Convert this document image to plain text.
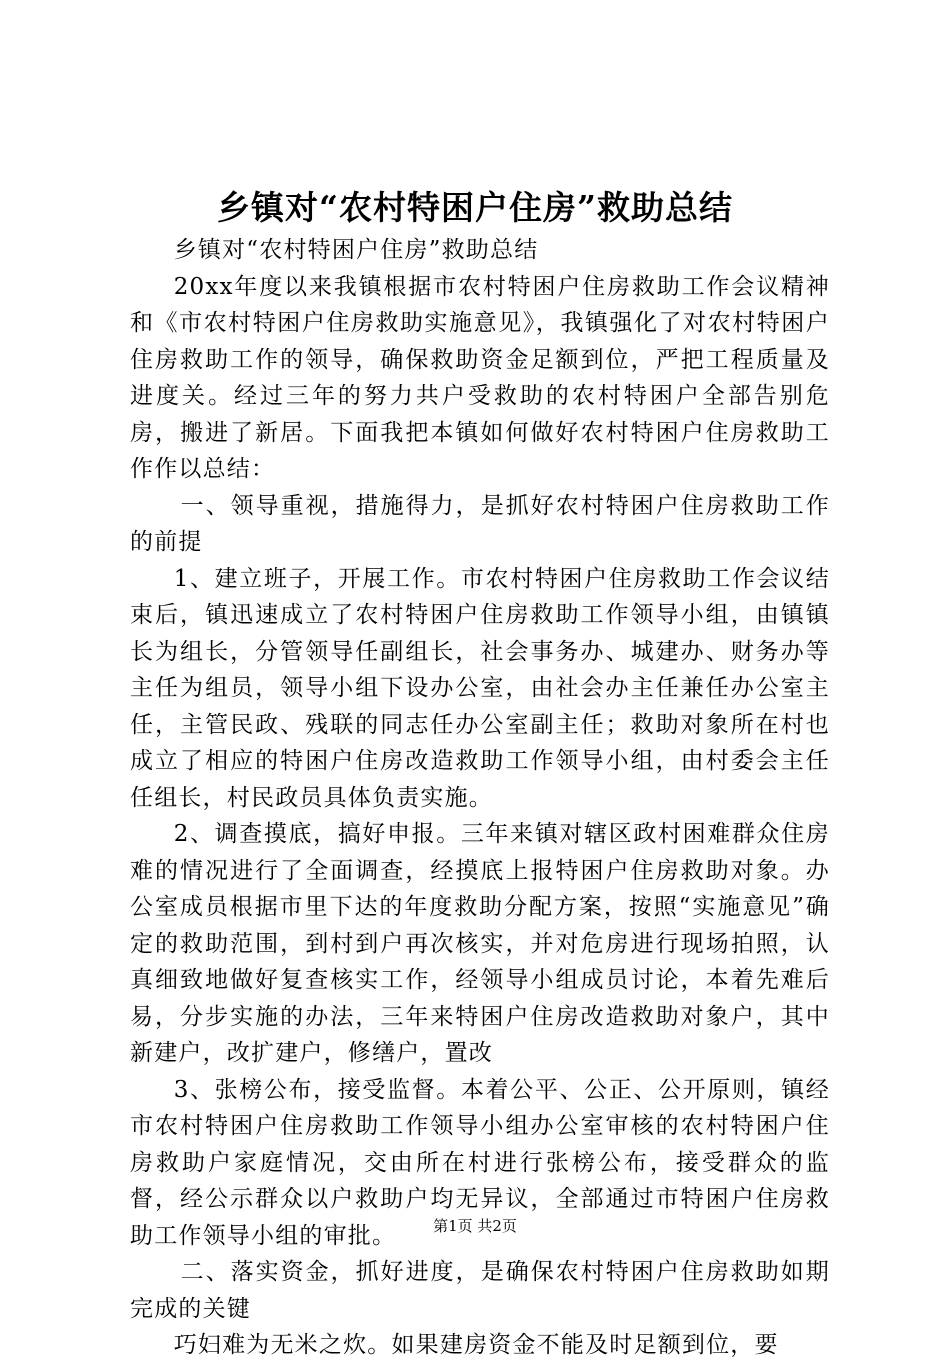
乡镇对“农村特困户住房”救助总结

乡镇对“农村特困户住房”救助总结

20xx年度以来我镇根据市农村特困户住房救助工作会议精神和《市农村特困户住房救助实施意见》，我镇强化了对农村特困户住房救助工作的领导，确保救助资金足额到位，严把工程质量及进度关。经过三年的努力共户受救助的农村特困户全部告别危房，搬进了新居。下面我把本镇如何做好农村特困户住房救助工作作以总结：

一、领导重视，措施得力，是抓好农村特困户住房救助工作的前提

1、建立班子，开展工作。市农村特困户住房救助工作会议结束后，镇迅速成立了农村特困户住房救助工作领导小组，由镇镇长为组长，分管领导任副组长，社会事务办、城建办、财务办等主任为组员，领导小组下设办公室，由社会办主任兼任办公室主任，主管民政、残联的同志任办公室副主任；救助对象所在村也成立了相应的特困户住房改造救助工作领导小组，由村委会主任任组长，村民政员具体负责实施。

2、调查摸底，搞好申报。三年来镇对辖区政村困难群众住房难的情况进行了全面调查，经摸底上报特困户住房救助对象。办公室成员根据市里下达的年度救助分配方案，按照“实施意见”确定的救助范围，到村到户再次核实，并对危房进行现场拍照，认真细致地做好复查核实工作，经领导小组成员讨论，本着先难后易，分步实施的办法，三年来特困户住房改造救助对象户，其中新建户，改扩建户，修缮户，置改

3、张榜公布，接受监督。本着公平、公正、公开原则，镇经市农村特困户住房救助工作领导小组办公室审核的农村特困户住房救助户家庭情况，交由所在村进行张榜公布，接受群众的监督，经公示群众以户救助户均无异议，全部通过市特困户住房救助工作领导小组的审批。

二、落实资金，抓好进度，是确保农村特困户住房救助如期完成的关键

巧妇难为无米之炊。如果建房资金不能及时足额到位，要

第1页 共2页
